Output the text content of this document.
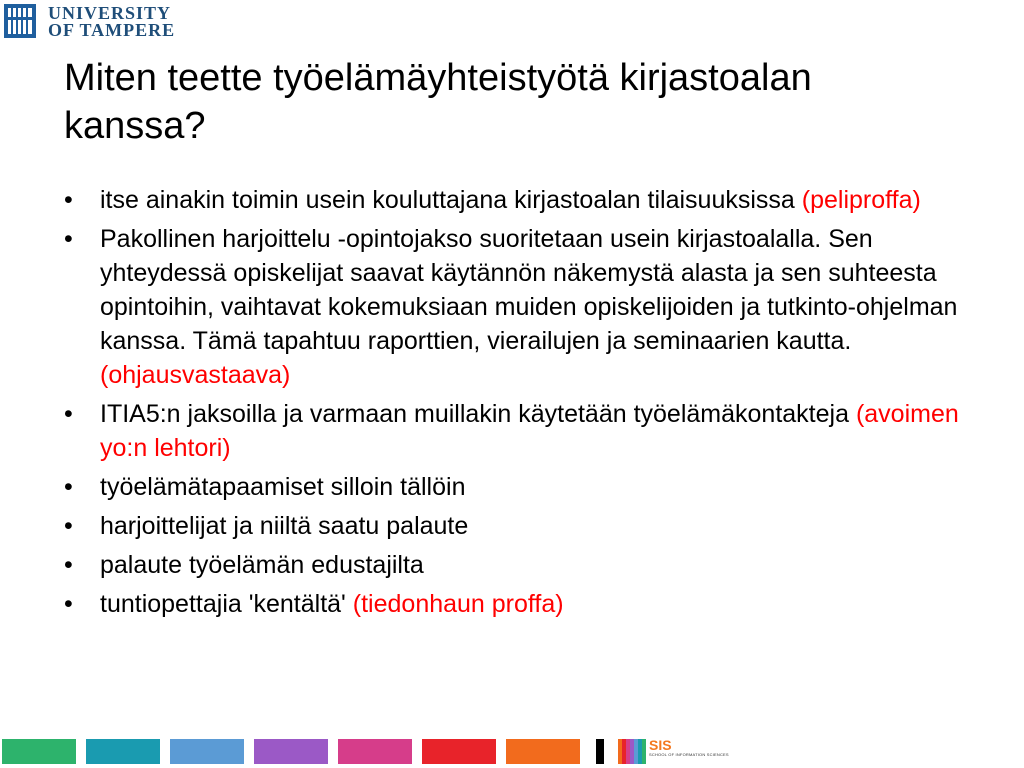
UNIVERSITY
OF TAMPERE
Miten teette työelämäyhteistyötä kirjastoalan kanssa?
• itse ainakin toimin usein kouluttajana kirjastoalan tilaisuuksissa (peliproffa)
• Pakollinen harjoittelu -opintojakso suoritetaan usein kirjastoalalla. Sen yhteydessä opiskelijat saavat käytännön näkemystä alasta ja sen suhteesta opintoihin, vaihtavat kokemuksiaan muiden opiskelijoiden ja tutkinto-ohjelman kanssa. Tämä tapahtuu raporttien, vierailujen ja seminaarien kautta. (ohjausvastaava)
• ITIA5:n jaksoilla ja varmaan muillakin käytetään työelämäkontakteja (avoimen yo:n lehtori)
• työelämätapaamiset silloin tällöin
• harjoittelijat ja niiltä saatu palaute
• palaute työelämän edustajilta
• tuntiopettajia 'kentältä' (tiedonhaun proffa)
SIS
SCHOOL OF INFORMATION SCIENCES
